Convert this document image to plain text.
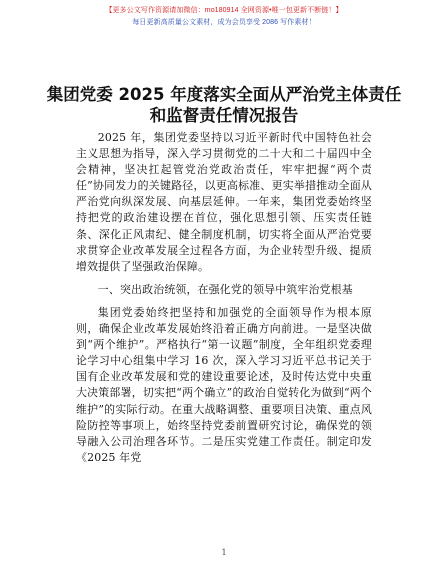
【更多公文写作资源请加微信：mo180914 全网资源•唯一包更新不断链！】
每日更新高质量公文素材，成为会员享受 2086 写作素材！
集团党委 2025 年度落实全面从严治党主体责任和监督责任情况报告

2025 年，集团党委坚持以习近平新时代中国特色社会主义思想为指导，深入学习贯彻党的二十大和二十届四中全会精神，坚决扛起管党治党政治责任，牢牢把握“两个责任”协同发力的关键路径，以更高标准、更实举措推动全面从严治党向纵深发展、向基层延伸。一年来，集团党委始终坚持把党的政治建设摆在首位，强化思想引领、压实责任链条、深化正风肃纪、健全制度机制，切实将全面从严治党要求贯穿企业改革发展全过程各方面，为企业转型升级、提质增效提供了坚强政治保障。

一、突出政治统领，在强化党的领导中筑牢治党根基

集团党委始终把坚持和加强党的全面领导作为根本原则，确保企业改革发展始终沿着正确方向前进。一是坚决做到“两个维护”。严格执行“第一议题”制度，全年组织党委理论学习中心组集中学习 16 次，深入学习习近平总书记关于国有企业改革发展和党的建设重要论述，及时传达党中央重大决策部署，切实把“两个确立”的政治自觉转化为做到“两个维护”的实际行动。在重大战略调整、重要项目决策、重点风险防控等事项上，始终坚持党委前置研究讨论，确保党的领导融入公司治理各环节。二是压实党建工作责任。制定印发《2025 年党

1
